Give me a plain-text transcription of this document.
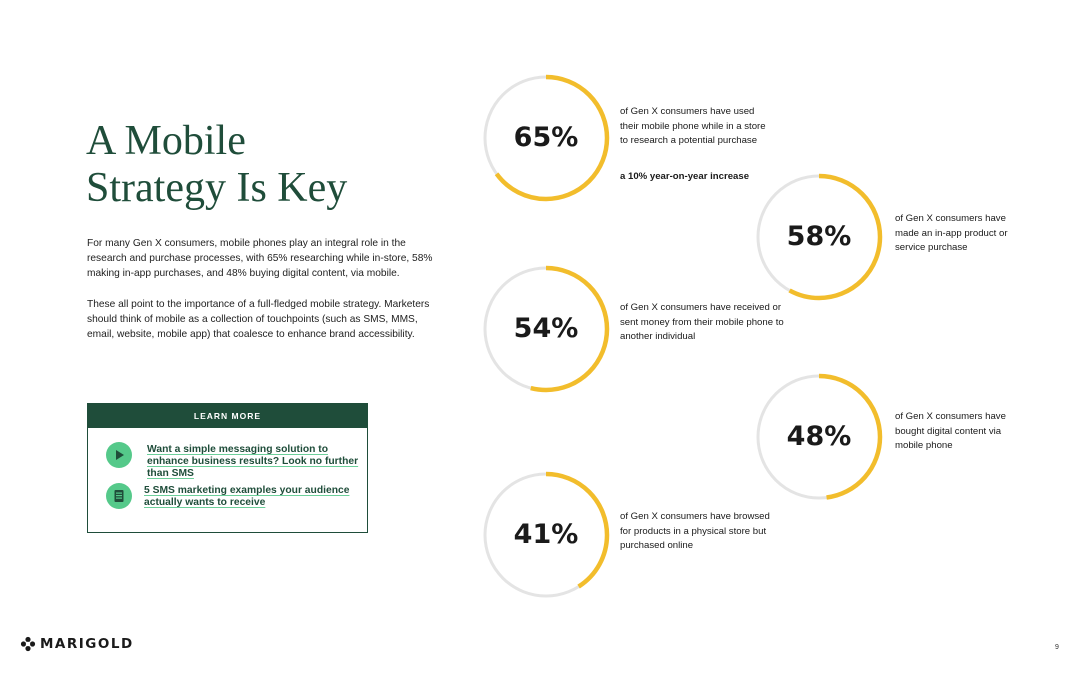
A Mobile
Strategy Is Key

For many Gen X consumers, mobile phones play an integral role in the research and purchase processes, with 65% researching while in-store, 58% making in-app purchases, and 48% buying digital content, via mobile.

These all point to the importance of a full-fledged mobile strategy. Marketers should think of mobile as a collection of touchpoints (such as SMS, MMS, email, website, mobile app) that coalesce to enhance brand accessibility.

LEARN MORE
Want a simple messaging solution to enhance business results? Look no further than SMS
5 SMS marketing examples your audience actually wants to receive
65%
of Gen X consumers have used their mobile phone while in a store to research a potential purchase
a 10% year-on-year increase
58%
of Gen X consumers have made an in-app product or service purchase
54%
of Gen X consumers have received or sent money from their mobile phone to another individual
48%
of Gen X consumers have bought digital content via mobile phone
41%
of Gen X consumers have browsed for products in a physical store but purchased online
MARIGOLD	9
